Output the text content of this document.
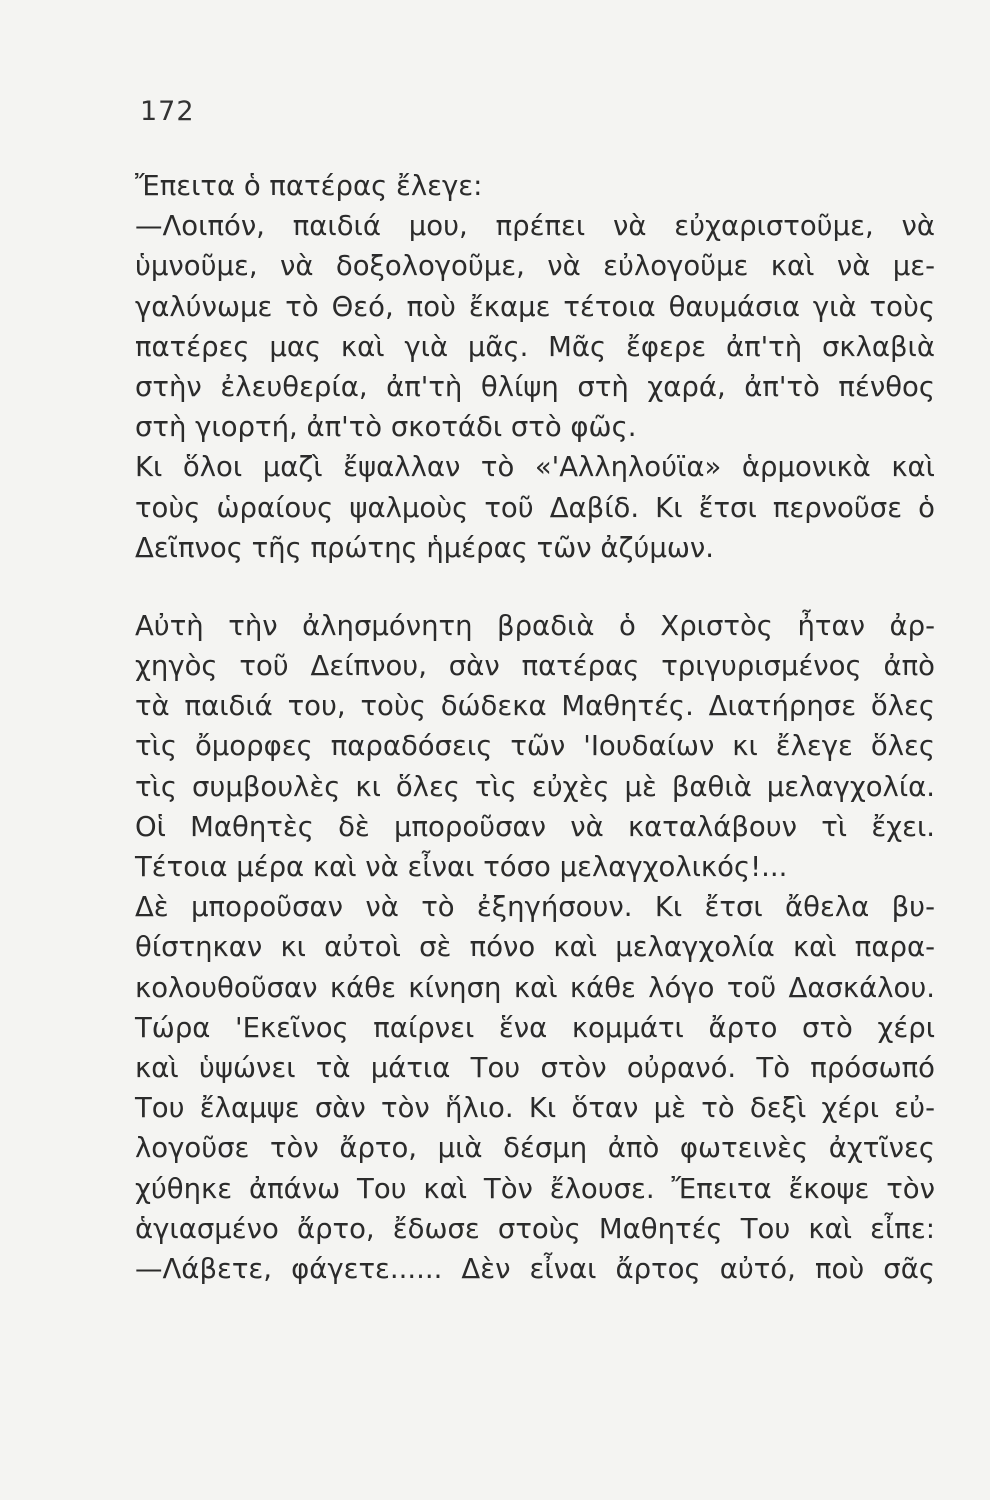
172
Ἔπειτα ὁ πατέρας ἔλεγε:
—Λοιπόν, παιδιά μου, πρέπει νὰ εὐχαριστοῦμε, νὰ
ὑμνοῦμε, νὰ δοξολογοῦμε, νὰ εὐλογοῦμε καὶ νὰ με-
γαλύνωμε τὸ Θεό, ποὺ ἔκαμε τέτοια θαυμάσια γιὰ τοὺς
πατέρες μας καὶ γιὰ μᾶς. Μᾶς ἔφερε ἀπ'τὴ σκλαβιὰ
στὴν ἐλευθερία, ἀπ'τὴ θλίψη στὴ χαρά, ἀπ'τὸ πένθος
στὴ γιορτή, ἀπ'τὸ σκοτάδι στὸ φῶς.
Κι ὅλοι μαζὶ ἔψαλλαν τὸ «'Αλληλούϊα» ἁρμονικὰ καὶ
τοὺς ὡραίους ψαλμοὺς τοῦ Δαβίδ. Κι ἔτσι περνοῦσε ὁ
Δεῖπνος τῆς πρώτης ἡμέρας τῶν ἀζύμων.
Αὐτὴ τὴν ἀλησμόνητη βραδιὰ ὁ Χριστὸς ἦταν ἀρ-
χηγὸς τοῦ Δείπνου, σὰν πατέρας τριγυρισμένος ἀπὸ
τὰ παιδιά του, τοὺς δώδεκα Μαθητές. Διατήρησε ὅλες
τὶς ὄμορφες παραδόσεις τῶν 'Ιουδαίων κι ἔλεγε ὅλες
τὶς συμβουλὲς κι ὅλες τὶς εὐχὲς μὲ βαθιὰ μελαγχολία.
Οἱ Μαθητὲς δὲ μποροῦσαν νὰ καταλάβουν τὶ ἔχει.
Τέτοια μέρα καὶ νὰ εἶναι τόσο μελαγχολικός!...
Δὲ μποροῦσαν νὰ τὸ ἐξηγήσουν. Κι ἔτσι ἄθελα βυ-
θίστηκαν κι αὐτοὶ σὲ πόνο καὶ μελαγχολία καὶ παρα-
κολουθοῦσαν κάθε κίνηση καὶ κάθε λόγο τοῦ Δασκάλου.
Τώρα 'Εκεῖνος παίρνει ἕνα κομμάτι ἄρτο στὸ χέρι
καὶ ὑψώνει τὰ μάτια Του στὸν οὐρανό. Τὸ πρόσωπό
Του ἔλαμψε σὰν τὸν ἥλιο. Κι ὅταν μὲ τὸ δεξὶ χέρι εὐ-
λογοῦσε τὸν ἄρτο, μιὰ δέσμη ἀπὸ φωτεινὲς ἀχτῖνες
χύθηκε ἀπάνω Του καὶ Τὸν ἔλουσε. Ἔπειτα ἔκοψε τὸν
ἁγιασμένο ἄρτο, ἔδωσε στοὺς Μαθητές Του καὶ εἶπε:
—Λάβετε, φάγετε...... Δὲν εἶναι ἄρτος αὐτό, ποὺ σᾶς
